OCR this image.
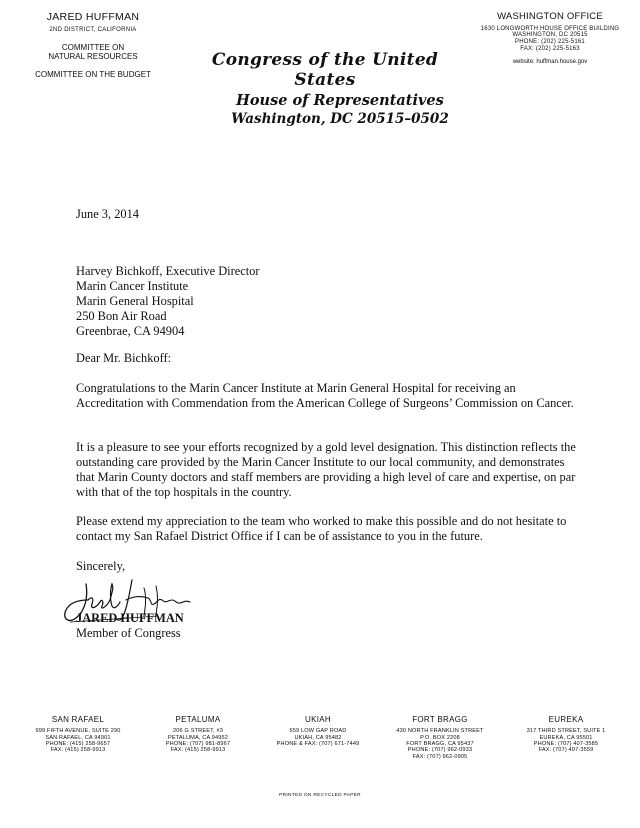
JARED HUFFMAN
2ND DISTRICT, CALIFORNIA
COMMITTEE ON
NATURAL RESOURCES
COMMITTEE ON THE BUDGET
Congress of the United States
House of Representatives
Washington, DC 20515–0502
WASHINGTON OFFICE
1630 LONGWORTH HOUSE OFFICE BUILDING
WASHINGTON, DC 20515
PHONE: (202) 225-5161
FAX: (202) 225-5163
website: huffman.house.gov
June 3, 2014
Harvey Bichkoff, Executive Director
Marin Cancer Institute
Marin General Hospital
250 Bon Air Road
Greenbrae, CA 94904
Dear Mr. Bichkoff:
Congratulations to the Marin Cancer Institute at Marin General Hospital for receiving an Accreditation with Commendation from the American College of Surgeons’ Commission on Cancer.
It is a pleasure to see your efforts recognized by a gold level designation. This distinction reflects the outstanding care provided by the Marin Cancer Institute to our local community, and demonstrates that Marin County doctors and staff members are providing a high level of care and expertise, on par with that of the top hospitals in the country.
Please extend my appreciation to the team who worked to make this possible and do not hesitate to contact my San Rafael District Office if I can be of assistance to you in the future.
Sincerely,
JARED HUFFMAN
Member of Congress
SAN RAFAEL
999 FIFTH AVENUE, SUITE 290
SAN RAFAEL, CA 94901
PHONE: (415) 258-9657
FAX: (415) 258-9913
PETALUMA
206 G STREET, #3
PETALUMA, CA 94952
PHONE: (707) 981-8967
FAX: (415) 258-9913
UKIAH
559 LOW GAP ROAD
UKIAH, CA 95482
PHONE & FAX: (707) 671-7449
FORT BRAGG
430 NORTH FRANKLIN STREET
P.O. BOX 2208
FORT BRAGG, CA 95437
PHONE: (707) 962-0933
FAX: (707) 962-0905
EUREKA
317 THIRD STREET, SUITE 1
EUREKA, CA 95501
PHONE: (707) 407-3585
FAX: (707) 407-3559
PRINTED ON RECYCLED PAPER
